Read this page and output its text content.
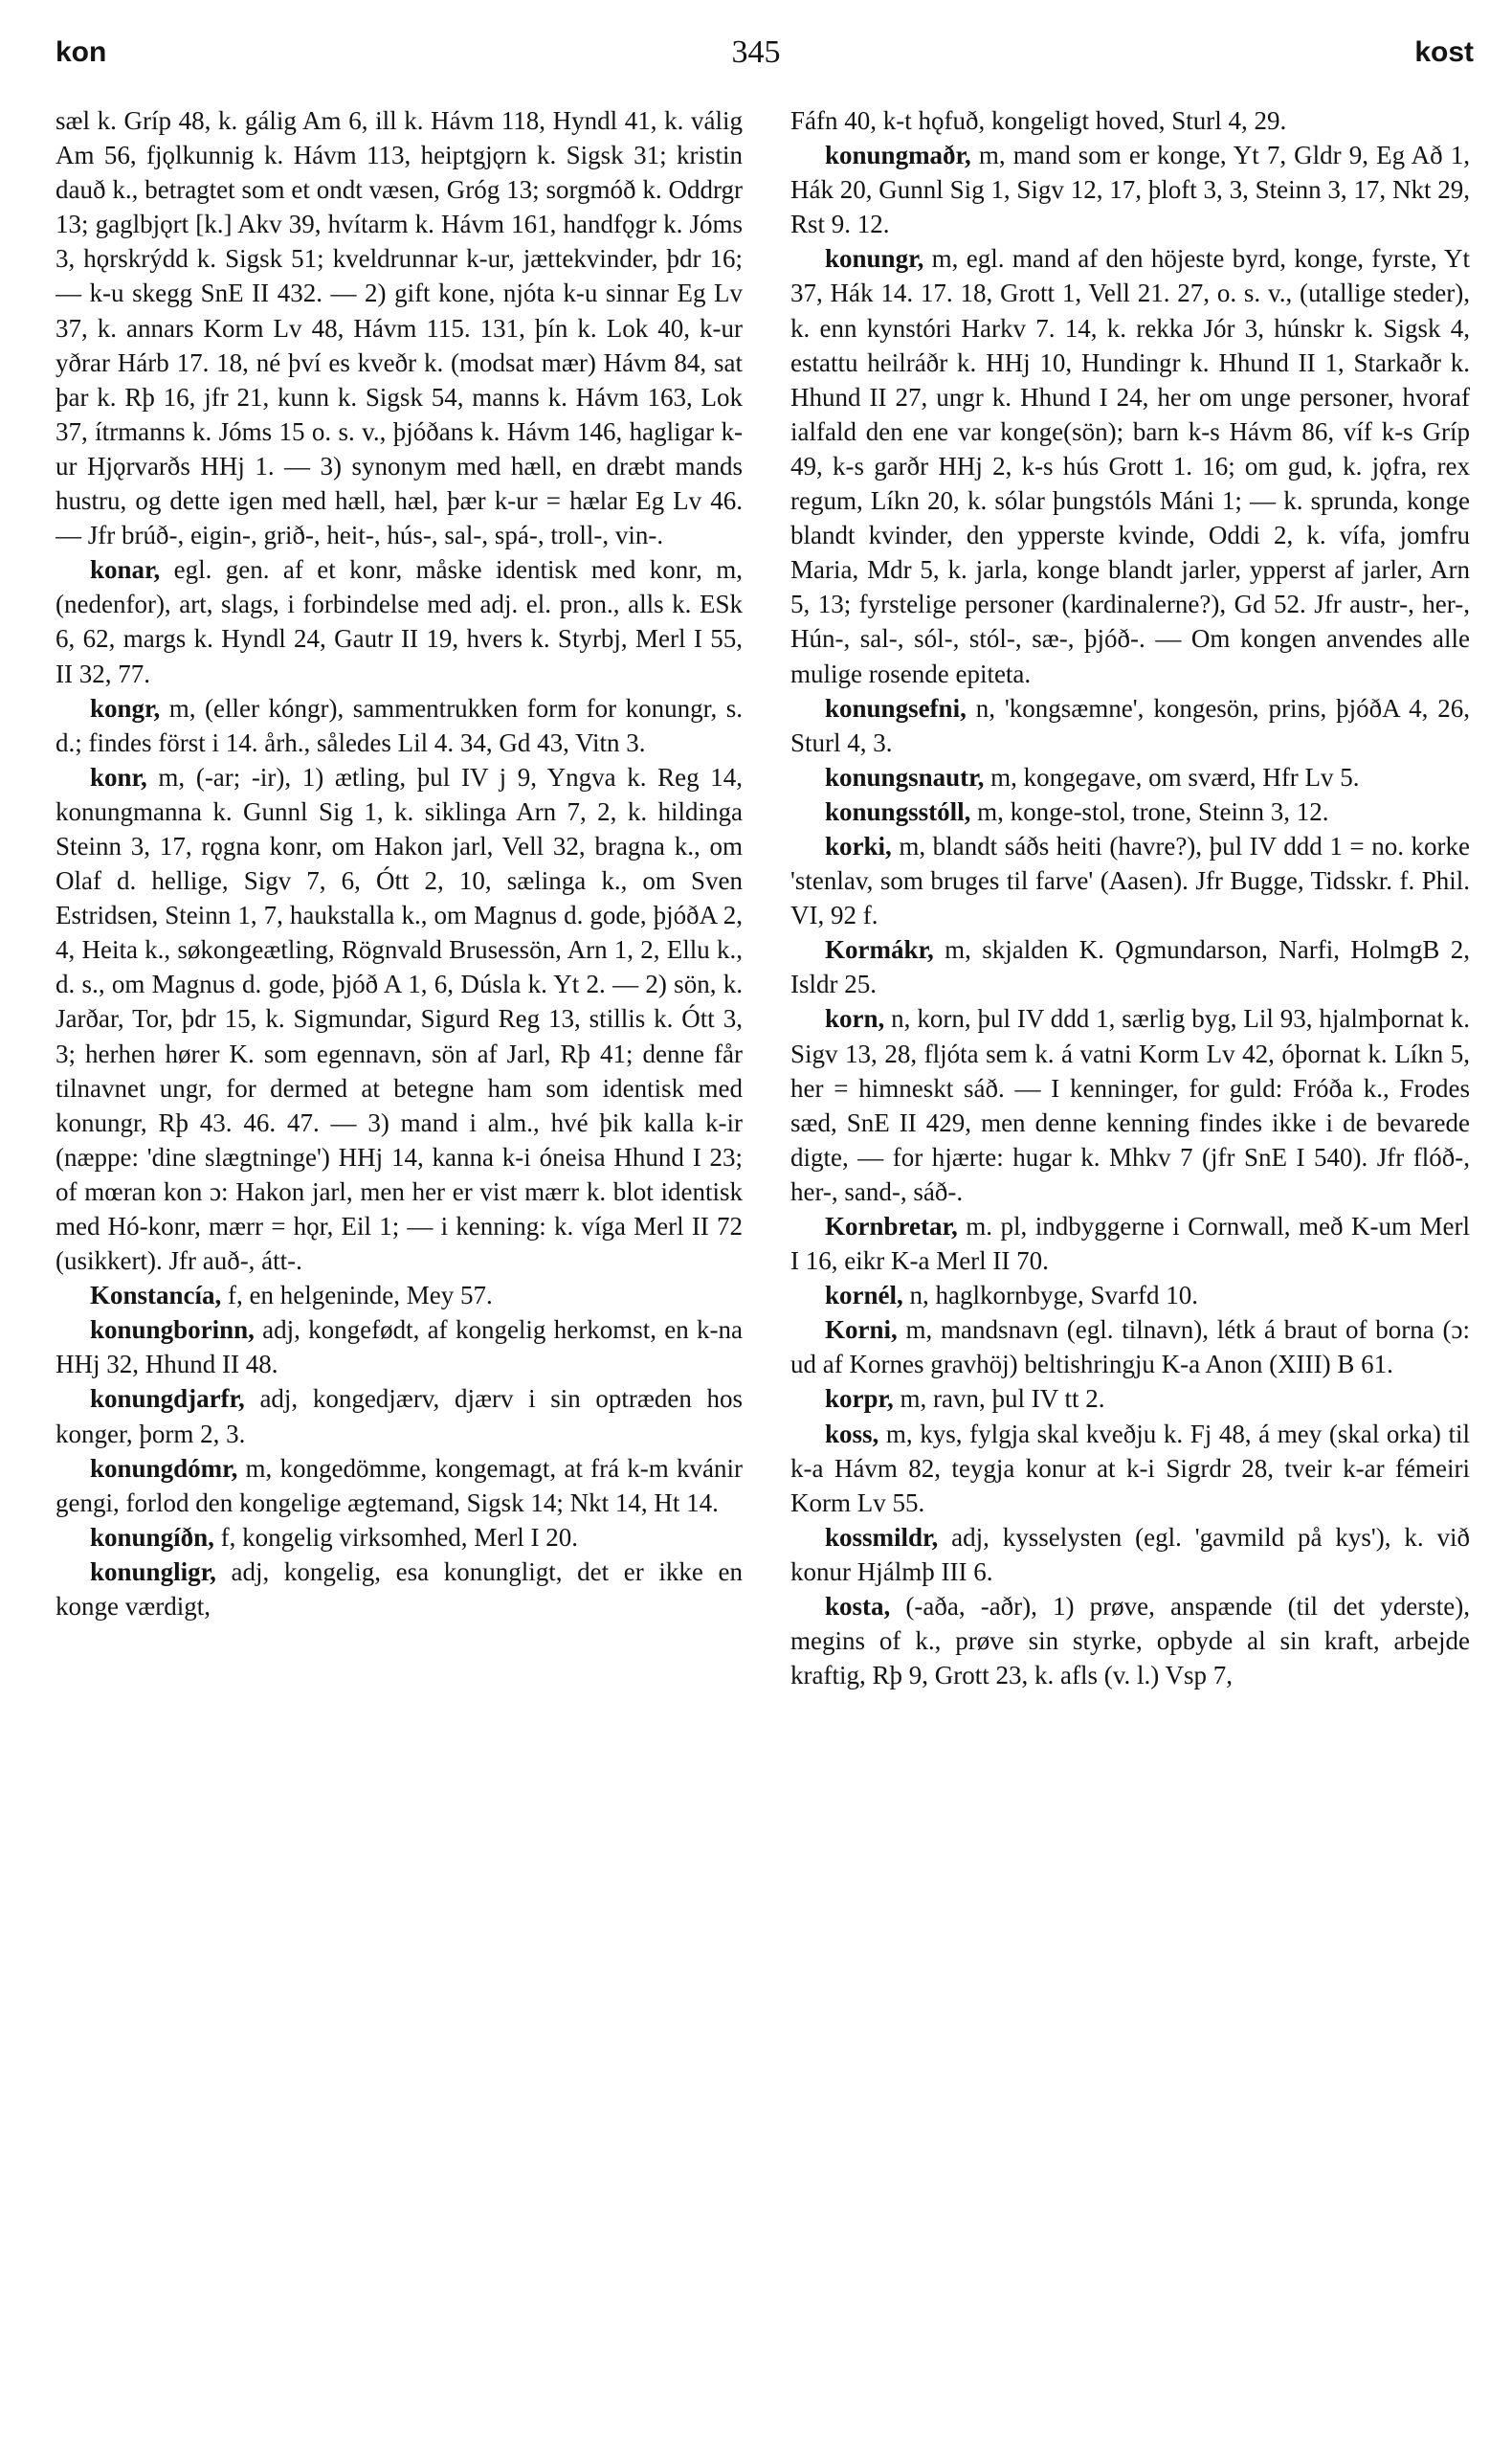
345
kon	kost

sæl k. Gríp 48, k. gálig Am 6, ill k. Hávm 118, Hyndl 41, k. válig Am 56, fjǫlkunnig k. Hávm 113, heiptgjǫrn k. Sigsk 31; kristin dauð k., betragtet som et ondt væsen, Gróg 13; sorgmóð k. Oddrgr 13; gaglbjǫrt [k.] Akv 39, hvítarm k. Hávm 161, handfǫgr k. Jóms 3, hǫrskrýdd k. Sigsk 51; kveldrunnar k-ur, jættekvinder, þdr 16; — k-u skegg SnE II 432. — 2) gift kone, njóta k-u sinnar Eg Lv 37, k. annars Korm Lv 48, Hávm 115. 131, þín k. Lok 40, k-ur yðrar Hárb 17. 18, né því es kveðr k. (modsat mær) Hávm 84, sat þar k. Rþ 16, jfr 21, kunn k. Sigsk 54, manns k. Hávm 163, Lok 37, ítrmanns k. Jóms 15 o. s. v., þjóðans k. Hávm 146, hagligar k-ur Hjǫrvarðs HHj 1. — 3) synonym med hæll, en dræbt mands hustru, og dette igen med hæll, hæl, þær k-ur = hælar Eg Lv 46. — Jfr brúð-, eigin-, grið-, heit-, hús-, sal-, spá-, troll-, vin-.

konar, egl. gen. af et konr, måske identisk med konr, m, (nedenfor), art, slags, i forbindelse med adj. el. pron., alls k. ESk 6, 62, margs k. Hyndl 24, Gautr II 19, hvers k. Styrbj, Merl I 55, II 32, 77.

kongr, m, (eller kóngr), sammentrukken form for konungr, s. d.; findes först i 14. årh., således Lil 4. 34, Gd 43, Vitn 3.

konr, m, (-ar; -ir), 1) ætling, þul IV j 9, Yngva k. Reg 14, konungmanna k. Gunnl Sig 1, k. siklinga Arn 7, 2, k. hildinga Steinn 3, 17, rǫgna konr, om Hakon jarl, Vell 32, bragna k., om Olaf d. hellige, Sigv 7, 6, Ótt 2, 10, sælinga k., om Sven Estridsen, Steinn 1, 7, haukstalla k., om Magnus d. gode, þjóðA 2, 4, Heita k., søkongeætling, Rögnvald Brusessön, Arn 1, 2, Ellu k., d. s., om Magnus d. gode, þjóð A 1, 6, Dúsla k. Yt 2. — 2) sön, k. Jarðar, Tor, þdr 15, k. Sigmundar, Sigurd Reg 13, stillis k. Ótt 3, 3; herhen hører K. som egennavn, sön af Jarl, Rþ 41; denne får tilnavnet ungr, for dermed at betegne ham som identisk med konungr, Rþ 43. 46. 47. — 3) mand i alm., hvé þik kalla k-ir (næppe: 'dine slægtninge') HHj 14, kanna k-i óneisa Hhund I 23; of mœran kon ɔ: Hakon jarl, men her er vist mærr k. blot identisk med Hó-konr, mærr = hǫr, Eil 1; — i kenning: k. víga Merl II 72 (usikkert). Jfr auð-, átt-.

Konstancía, f, en helgeninde, Mey 57.

konungborinn, adj, kongefødt, af kongelig herkomst, en k-na HHj 32, Hhund II 48.

konungdjarfr, adj, kongedjærv, djærv i sin optræden hos konger, þorm 2, 3.

konungdómr, m, kongedömme, kongemagt, at frá k-m kvánir gengi, forlod den kongelige ægtemand, Sigsk 14; Nkt 14, Ht 14.

konungíðn, f, kongelig virksomhed, Merl I 20.

konungligr, adj, kongelig, esa konungligt, det er ikke en konge værdigt,

Fáfn 40, k-t hǫfuð, kongeligt hoved, Sturl 4, 29.

konungmaðr, m, mand som er konge, Yt 7, Gldr 9, Eg Að 1, Hák 20, Gunnl Sig 1, Sigv 12, 17, þloft 3, 3, Steinn 3, 17, Nkt 29, Rst 9. 12.

konungr, m, egl. mand af den höjeste byrd, konge, fyrste, Yt 37, Hák 14. 17. 18, Grott 1, Vell 21. 27, o. s. v., (utallige steder), k. enn kynstóri Harkv 7. 14, k. rekka Jór 3, húnskr k. Sigsk 4, estattu heilráðr k. HHj 10, Hundingr k. Hhund II 1, Starkaðr k. Hhund II 27, ungr k. Hhund I 24, her om unge personer, hvoraf ialfald den ene var konge(sön); barn k-s Hávm 86, víf k-s Gríp 49, k-s garðr HHj 2, k-s hús Grott 1. 16; om gud, k. jǫfra, rex regum, Líkn 20, k. sólar þungstóls Máni 1; — k. sprunda, konge blandt kvinder, den ypperste kvinde, Oddi 2, k. vífa, jomfru Maria, Mdr 5, k. jarla, konge blandt jarler, ypperst af jarler, Arn 5, 13; fyrstelige personer (kardinalerne?), Gd 52. Jfr austr-, her-, Hún-, sal-, sól-, stól-, sæ-, þjóð-. — Om kongen anvendes alle mulige rosende epiteta.

konungsefni, n, 'kongsæmne', kongesön, prins, þjóðA 4, 26, Sturl 4, 3.

konungsnautr, m, kongegave, om sværd, Hfr Lv 5.

konungsstóll, m, konge-stol, trone, Steinn 3, 12.

korki, m, blandt sáðs heiti (havre?), þul IV ddd 1 = no. korke 'stenlav, som bruges til farve' (Aasen). Jfr Bugge, Tidsskr. f. Phil. VI, 92 f.

Kormákr, m, skjalden K. Ǫgmundarson, Narfi, HolmgB 2, Isldr 25.

korn, n, korn, þul IV ddd 1, særlig byg, Lil 93, hjalmþornat k. Sigv 13, 28, fljóta sem k. á vatni Korm Lv 42, óþornat k. Líkn 5, her = himneskt sáð. — I kenninger, for guld: Fróða k., Frodes sæd, SnE II 429, men denne kenning findes ikke i de bevarede digte, — for hjærte: hugar k. Mhkv 7 (jfr SnE I 540). Jfr flóð-, her-, sand-, sáð-.

Kornbretar, m. pl, indbyggerne i Cornwall, með K-um Merl I 16, eikr K-a Merl II 70.

kornél, n, haglkornbyge, Svarfd 10.

Korni, m, mandsnavn (egl. tilnavn), létk á braut of borna (ɔ: ud af Kornes gravhöj) beltishringju K-a Anon (XIII) B 61.

korpr, m, ravn, þul IV tt 2.

koss, m, kys, fylgja skal kveðju k. Fj 48, á mey (skal orka) til k-a Hávm 82, teygja konur at k-i Sigrdr 28, tveir k-ar fémeiri Korm Lv 55.

kossmildr, adj, kysselysten (egl. 'gavmild på kys'), k. við konur Hjálmþ III 6.

kosta, (-aða, -aðr), 1) prøve, anspænde (til det yderste), megins of k., prøve sin styrke, opbyde al sin kraft, arbejde kraftig, Rþ 9, Grott 23, k. afls (v. l.) Vsp 7,
